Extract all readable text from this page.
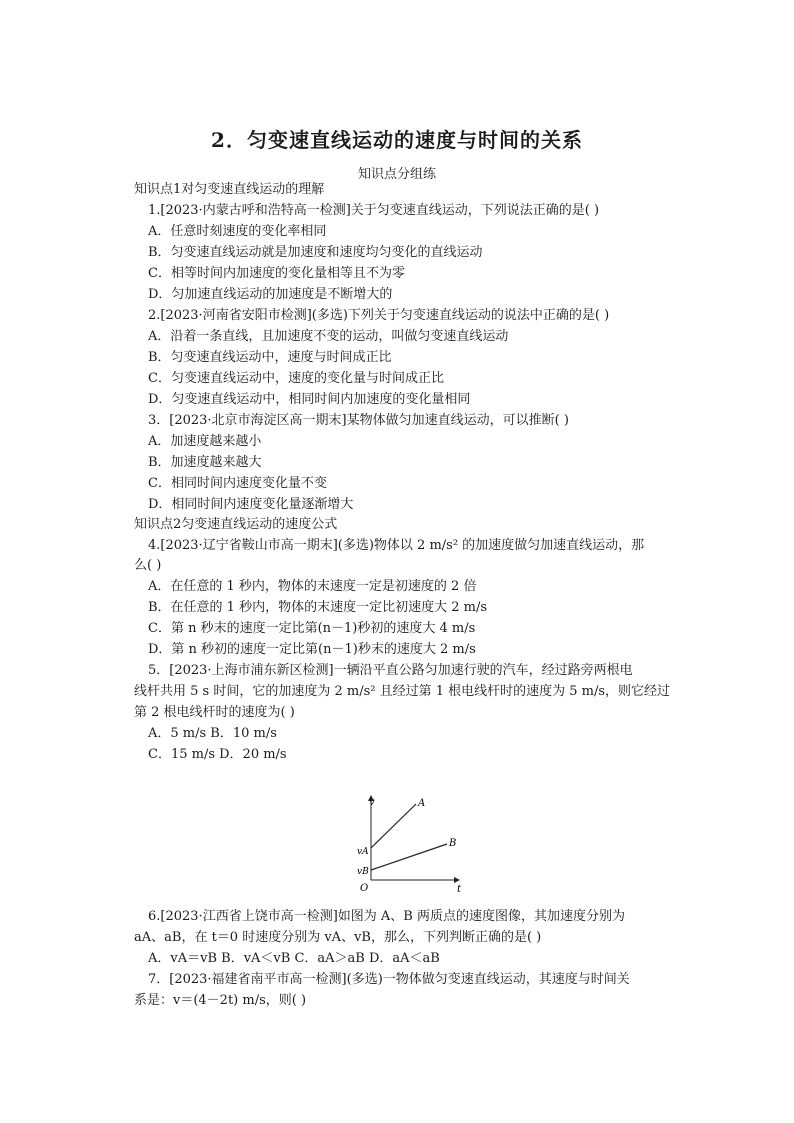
2．匀变速直线运动的速度与时间的关系
知识点分组练
知识点1对匀变速直线运动的理解
1.[2023·内蒙古呼和浩特高一检测]关于匀变速直线运动，下列说法正确的是( )
A．任意时刻速度的变化率相同
B．匀变速直线运动就是加速度和速度均匀变化的直线运动
C．相等时间内加速度的变化量相等且不为零
D．匀加速直线运动的加速度是不断增大的
2.[2023·河南省安阳市检测](多选)下列关于匀变速直线运动的说法中正确的是( )
A．沿着一条直线，且加速度不变的运动，叫做匀变速直线运动
B．匀变速直线运动中，速度与时间成正比
C．匀变速直线运动中，速度的变化量与时间成正比
D．匀变速直线运动中，相同时间内加速度的变化量相同
3．[2023·北京市海淀区高一期末]某物体做匀加速直线运动，可以推断( )
A．加速度越来越小
B．加速度越来越大
C．相同时间内速度变化量不变
D．相同时间内速度变化量逐渐增大
知识点2匀变速直线运动的速度公式
4.[2023·辽宁省鞍山市高一期末](多选)物体以 2 m/s² 的加速度做匀加速直线运动，那
么( )
A．在任意的 1 秒内，物体的末速度一定是初速度的 2 倍
B．在任意的 1 秒内，物体的末速度一定比初速度大 2 m/s
C．第 n 秒末的速度一定比第(n－1)秒初的速度大 4 m/s
D．第 n 秒初的速度一定比第(n－1)秒末的速度大 2 m/s
5．[2023·上海市浦东新区检测]一辆沿平直公路匀加速行驶的汽车，经过路旁两根电
线杆共用 5 s 时间，它的加速度为 2 m/s² 且经过第 1 根电线杆时的速度为 5 m/s，则它经过
第 2 根电线杆时的速度为( )
A．5 m/s B．10 m/s
C．15 m/s D．20 m/s
v
t
O
A
B
vA
vB
6.[2023·江西省上饶市高一检测]如图为 A、B 两质点的速度图像，其加速度分别为
aA、aB，在 t＝0 时速度分别为 vA、vB，那么，下列判断正确的是( )
A．vA＝vB B．vA＜vB C．aA＞aB D．aA＜aB
7．[2023·福建省南平市高一检测](多选)一物体做匀变速直线运动，其速度与时间关
系是：v＝(4－2t) m/s，则( )
